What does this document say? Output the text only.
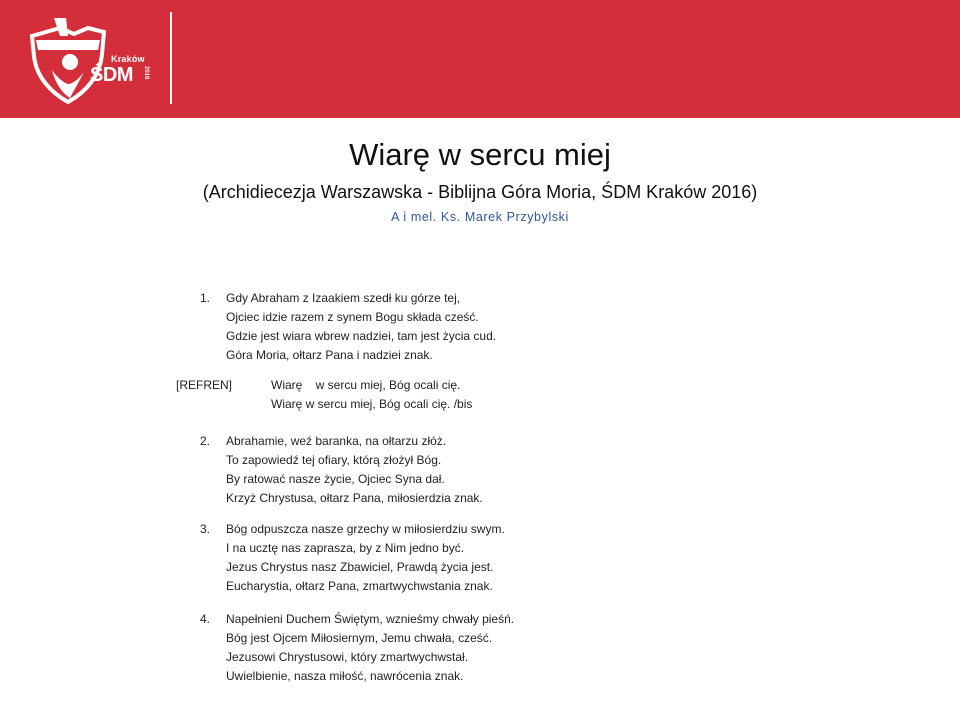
Kraków
ŚDM 2016
Wiarę w sercu miej
(Archidiecezja Warszawska - Biblijna Góra Moria, ŚDM Kraków 2016)
A i mel. Ks. Marek Przybylski
1. Gdy Abraham z Izaakiem szedł ku górze tej,
Ojciec idzie razem z synem Bogu składa cześć.
Gdzie jest wiara wbrew nadziei, tam jest życia cud.
Góra Moria, ołtarz Pana i nadziei znak.
[REFREN]	Wiarę    w sercu miej, Bóg ocali cię.
Wiarę w sercu miej, Bóg ocali cię. /bis
2. Abrahamie, weź baranka, na ołtarzu złóż.
To zapowiedź tej ofiary, którą złożył Bóg.
By ratować nasze życie, Ojciec Syna dał.
Krzyż Chrystusa, ołtarz Pana, miłosierdzia znak.
3. Bóg odpuszcza nasze grzechy w miłosierdziu swym.
I na ucztę nas zaprasza, by z Nim jedno być.
Jezus Chrystus nasz Zbawiciel, Prawdą życia jest.
Eucharystia, ołtarz Pana, zmartwychwstania znak.
4. Napełnieni Duchem Świętym, wznieśmy chwały pieśń.
Bóg jest Ojcem Miłosiernym, Jemu chwała, cześć.
Jezusowi Chrystusowi, który zmartwychwstał.
Uwielbienie, nasza miłość, nawrócenia znak.
